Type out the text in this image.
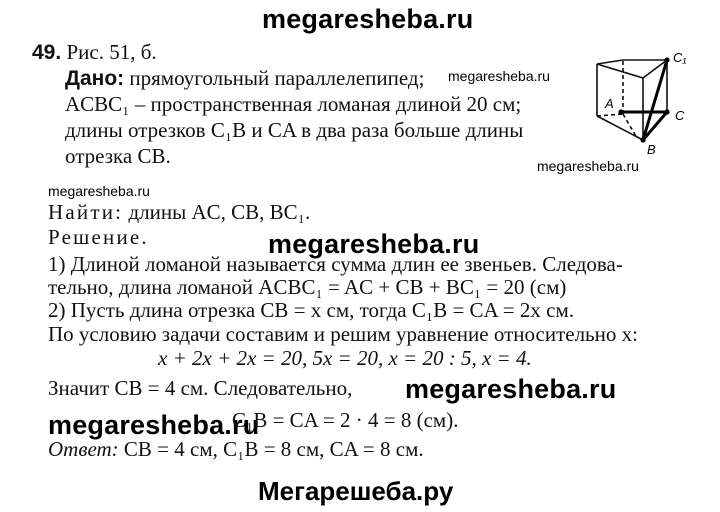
megaresheba.ru
49. Рис. 51, б.
Дано: прямоугольный параллелепипед; megaresheba.ru
ACBC₁ – пространственная ломаная длиной 20 см;
длины отрезков C₁B и CA в два раза больше длины
отрезка CB.	megaresheba.ru
C₁
A
C
B
megaresheba.ru
Найти: длины AC, CB, BC₁.
Решение.	megaresheba.ru
1) Длиной ломаной называется сумма длин ее звеньев. Следова-
тельно, длина ломаной ACBC₁ = AC + CB + BC₁ = 20 (см)
2) Пусть длина отрезка CB = x см, тогда C₁B = CA = 2x см.
По условию задачи составим и решим уравнение относительно x:
x + 2x + 2x = 20, 5x = 20, x = 20 : 5, x = 4.
Значит CB = 4 см. Следовательно, megaresheba.ru
megaresheba.ru
C₁B = CA = 2 · 4 = 8 (см).
Ответ: CB = 4 см, C₁B = 8 см, CA = 8 см.
Мегарешеба.ру
